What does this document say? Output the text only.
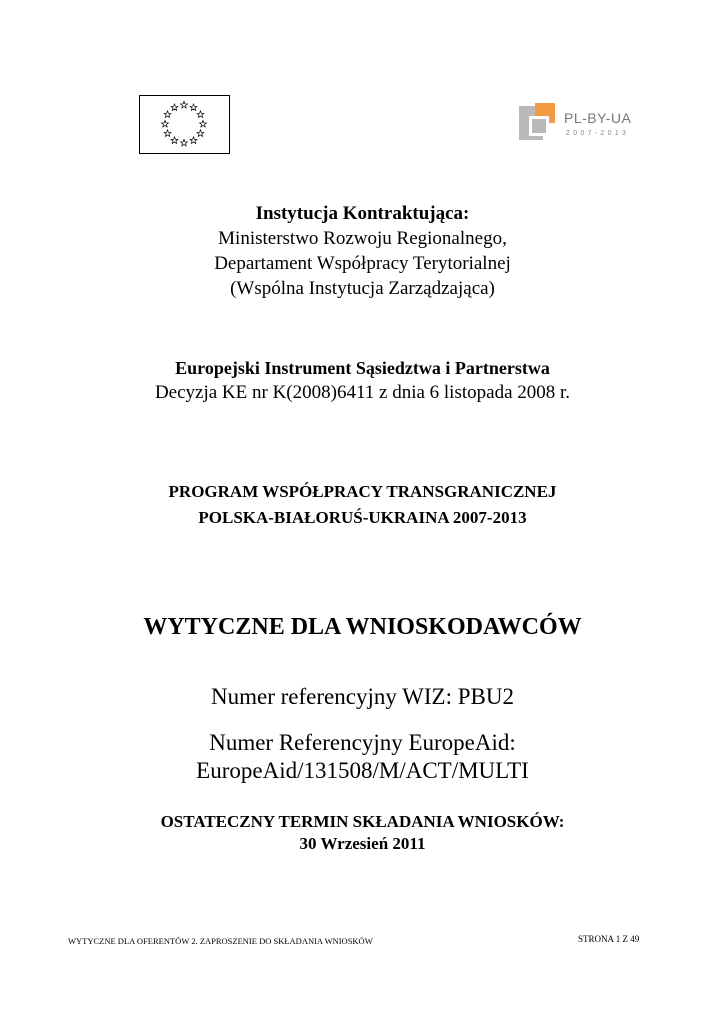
PL-BY-UA
2007-2013
Instytucja Kontraktująca:
Ministerstwo Rozwoju Regionalnego,
Departament Współpracy Terytorialnej
(Wspólna Instytucja Zarządzająca)
Europejski Instrument Sąsiedztwa i Partnerstwa
Decyzja KE nr K(2008)6411 z dnia 6 listopada 2008 r.
PROGRAM WSPÓŁPRACY TRANSGRANICZNEJ
POLSKA-BIAŁORUŚ-UKRAINA 2007-2013
WYTYCZNE DLA WNIOSKODAWCÓW
Numer referencyjny WIZ: PBU2
Numer Referencyjny EuropeAid:
EuropeAid/131508/M/ACT/MULTI
OSTATECZNY TERMIN SKŁADANIA WNIOSKÓW:
30 Wrzesień 2011
WYTYCZNE DLA OFERENTÓW 2. ZAPROSZENIE DO SKŁADANIA WNIOSKÓW	STRONA 1 Z 49
